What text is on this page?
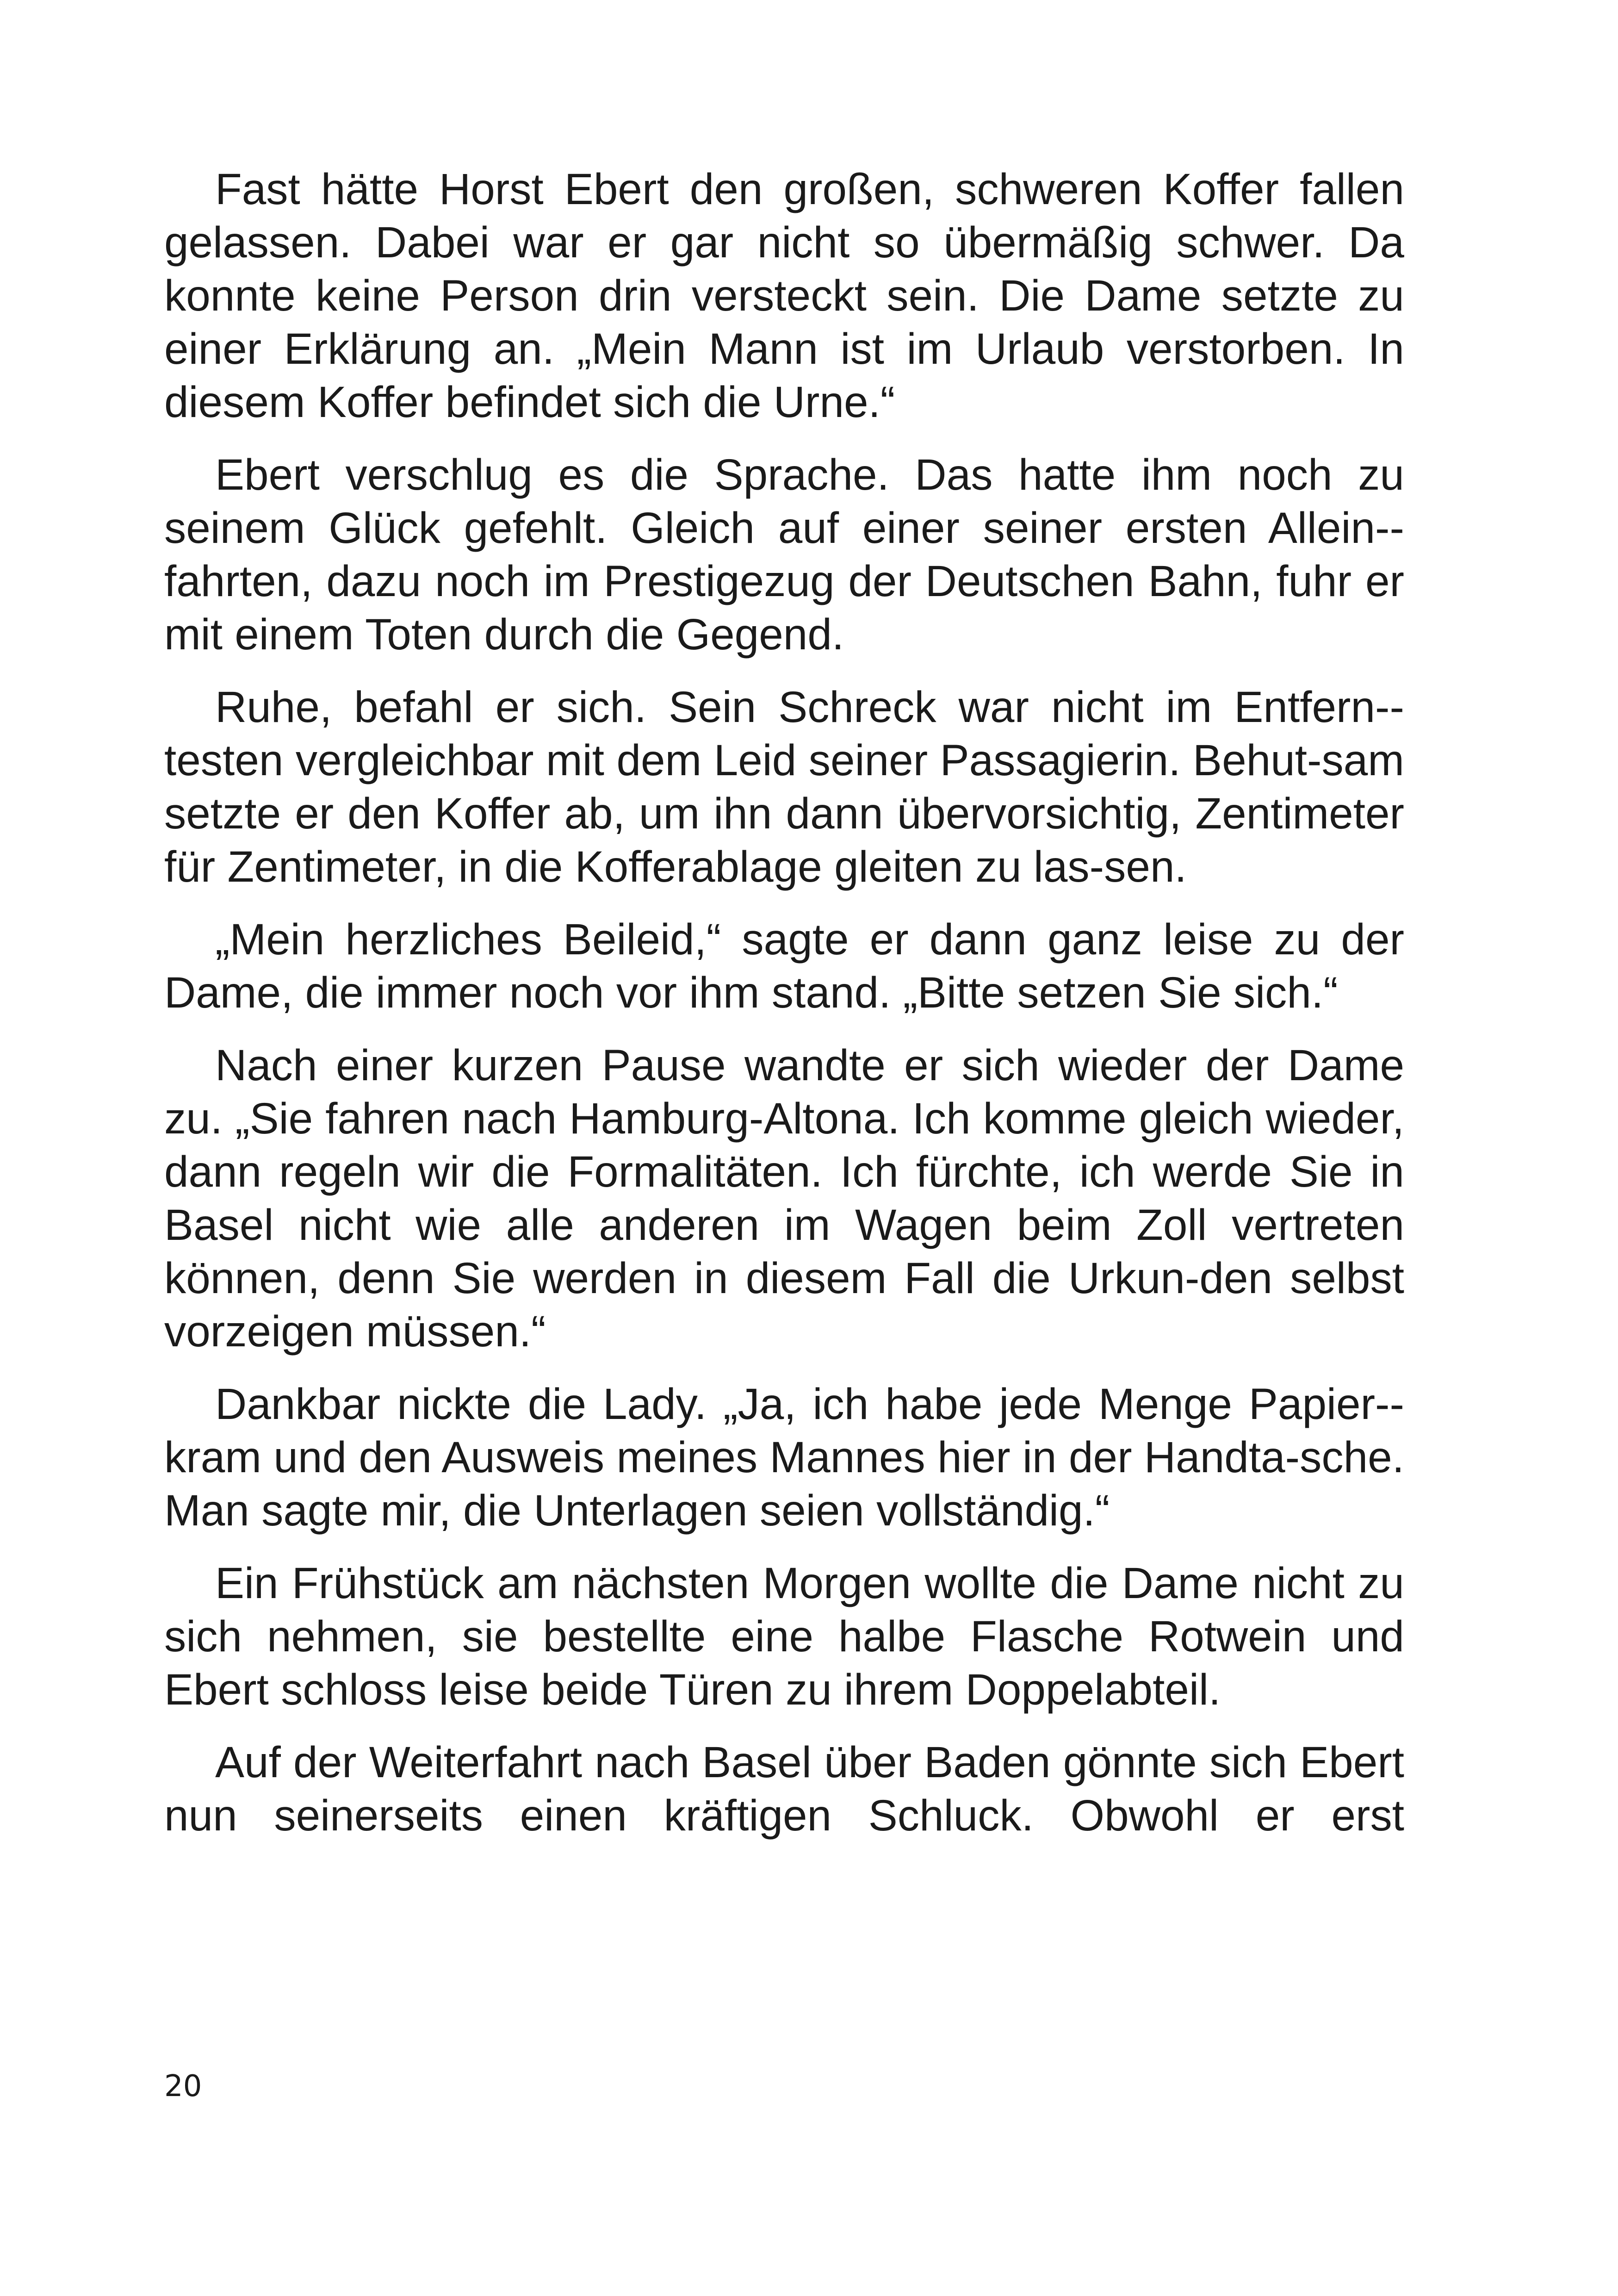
Fast hätte Horst Ebert den großen, schweren Koffer fallen gelassen. Dabei war er gar nicht so übermäßig schwer. Da konnte keine Person drin versteckt sein. Die Dame setzte zu einer Erklärung an. „Mein Mann ist im Urlaub verstorben. In diesem Koffer befindet sich die Urne.“

Ebert verschlug es die Sprache. Das hatte ihm noch zu seinem Glück gefehlt. Gleich auf einer seiner ersten Allein-fahrten, dazu noch im Prestigezug der Deutschen Bahn, fuhr er mit einem Toten durch die Gegend.

Ruhe, befahl er sich. Sein Schreck war nicht im Entfern-testen vergleichbar mit dem Leid seiner Passagierin. Behut-sam setzte er den Koffer ab, um ihn dann übervorsichtig, Zentimeter für Zentimeter, in die Kofferablage gleiten zu las-sen.

„Mein herzliches Beileid,“ sagte er dann ganz leise zu der Dame, die immer noch vor ihm stand. „Bitte setzen Sie sich.“

Nach einer kurzen Pause wandte er sich wieder der Dame zu. „Sie fahren nach Hamburg-Altona. Ich komme gleich wieder, dann regeln wir die Formalitäten. Ich fürchte, ich werde Sie in Basel nicht wie alle anderen im Wagen beim Zoll vertreten können, denn Sie werden in diesem Fall die Urkun-den selbst vorzeigen müssen.“

Dankbar nickte die Lady. „Ja, ich habe jede Menge Papier-kram und den Ausweis meines Mannes hier in der Handta-sche. Man sagte mir, die Unterlagen seien vollständig.“

Ein Frühstück am nächsten Morgen wollte die Dame nicht zu sich nehmen, sie bestellte eine halbe Flasche Rotwein und Ebert schloss leise beide Türen zu ihrem Doppelabteil.

Auf der Weiterfahrt nach Basel über Baden gönnte sich Ebert nun seinerseits einen kräftigen Schluck. Obwohl er erst

20
